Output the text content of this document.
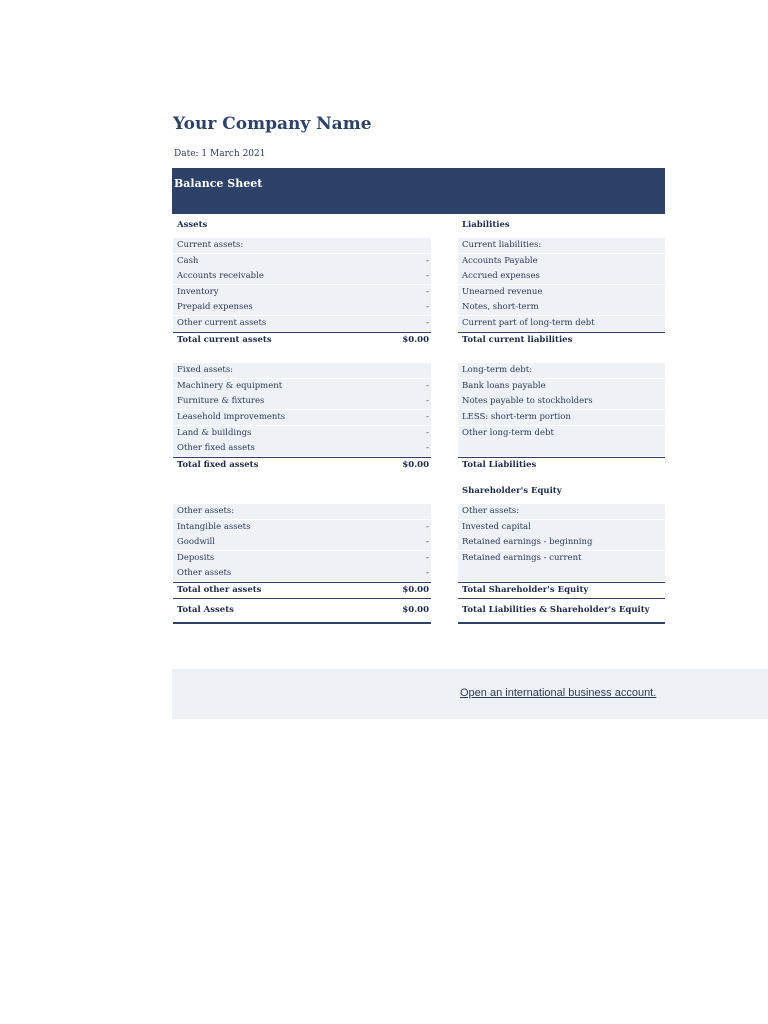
Your Company Name
Date: 1 March 2021
Balance Sheet
Assets
Current assets:
Cash	-
Accounts receivable	-
Inventory	-
Prepaid expenses	-
Other current assets	-
Total current assets	$0.00
Fixed assets:
Machinery & equipment	-
Furniture & fixtures	-
Leasehold improvements	-
Land & buildings	-
Other fixed assets	-
Total fixed assets	$0.00
Other assets:
Intangible assets	-
Goodwill	-
Deposits	-
Other assets	-
Total other assets	$0.00
Total Assets	$0.00
Liabilities
Current liabilities:
Accounts Payable
Accrued expenses
Unearned revenue
Notes, short-term
Current part of long-term debt
Total current liabilities
Long-term debt:
Bank loans payable
Notes payable to stockholders
LESS: short-term portion
Other long-term debt
Total Liabilities
Shareholder's Equity
Other assets:
Invested capital
Retained earnings - beginning
Retained earnings - current
Total Shareholder's Equity
Total Liabilities & Shareholder's Equity
Open an international business account.
